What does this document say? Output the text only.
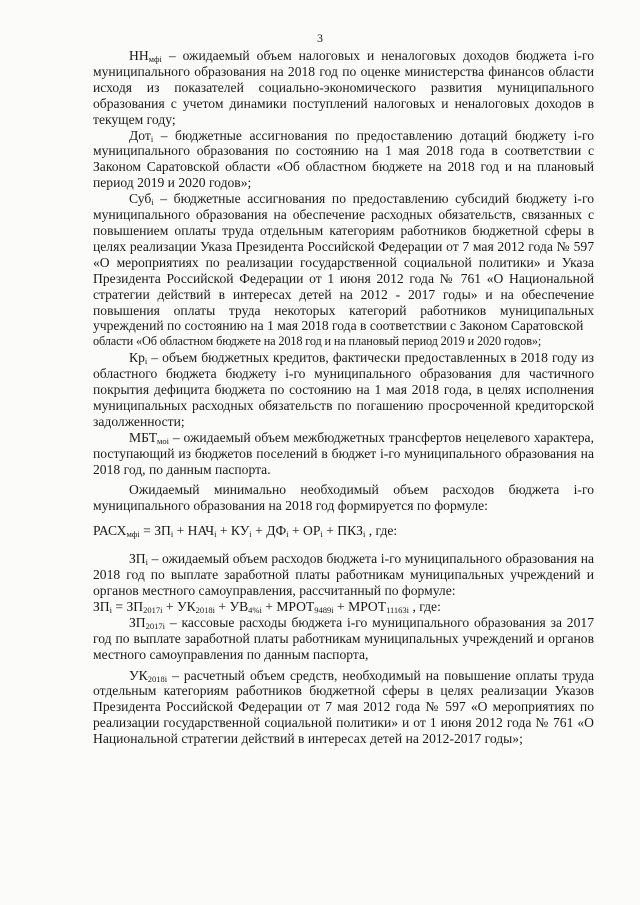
3

$НН_{мфi}$ – ожидаемый объем налоговых и неналоговых доходов бюджета i-го муниципального образования на 2018 год по оценке министерства финансов области исходя из показателей социально-экономического развития муниципального образования с учетом динамики поступлений налоговых и неналоговых доходов в текущем году;

Дот$_i$ – бюджетные ассигнования по предоставлению дотаций бюджету i-го муниципального образования по состоянию на 1 мая 2018 года в соответствии с Законом Саратовской области «Об областном бюджете на 2018 год и на плановый период 2019 и 2020 годов»;

Суб$_i$ – бюджетные ассигнования по предоставлению субсидий бюджету i-го муниципального образования на обеспечение расходных обязательств, связанных с повышением оплаты труда отдельным категориям работников бюджетной сферы в целях реализации Указа Президента Российской Федерации от 7 мая 2012 года № 597 «О мероприятиях по реализации государственной социальной политики» и Указа Президента Российской Федерации от 1 июня 2012 года № 761 «О Национальной стратегии действий в интересах детей на 2012 - 2017 годы» и на обеспечение повышения оплаты труда некоторых категорий работников муниципальных учреждений по состоянию на 1 мая 2018 года в соответствии с Законом Саратовской

области «Об областном бюджете на 2018 год и на плановый период 2019 и 2020 годов»;

$Кр_i$ – объем бюджетных кредитов, фактически предоставленных в 2018 году из областного бюджета бюджету i-го муниципального образования для частичного покрытия дефицита бюджета по состоянию на 1 мая 2018 года, в целях исполнения муниципальных расходных обязательств по погашению просроченной кредиторской задолженности;

$МБТ_{моi}$ – ожидаемый объем межбюджетных трансфертов нецелевого характера, поступающий из бюджетов поселений в бюджет i-го муниципального образования на 2018 год, по данным паспорта.

Ожидаемый минимально необходимый объем расходов бюджета i-го муниципального образования на 2018 год формируется по формуле:

$РАСХ_{мфi} = ЗП_i + НАЧ_i + КУ_i + ДФ_i + ОР_i + ПКЗ_i$ , где:

$ЗП_i$ – ожидаемый объем расходов бюджета i-го муниципального образования на 2018 год по выплате заработной платы работникам муниципальных учреждений и органов местного самоуправления, рассчитанный по формуле:

$ЗП_i = ЗП_{2017i} + УК_{2018i} + УВ_{4\%i}$ + $МРОТ_{9489i}$ + $МРОТ_{11163i}$ , где:

$ЗП_{2017i}$ – кассовые расходы бюджета i-го муниципального образования за 2017 год по выплате заработной платы работникам муниципальных учреждений и органов местного самоуправления по данным паспорта,

$УК_{2018i}$ – расчетный объем средств, необходимый на повышение оплаты труда отдельным категориям работников бюджетной сферы в целях реализации Указов Президента Российской Федерации от 7 мая 2012 года № 597 «О мероприятиях по реализации государственной социальной политики» и от 1 июня 2012 года № 761 «О Национальной стратегии действий в интересах детей на 2012-2017 годы»;
